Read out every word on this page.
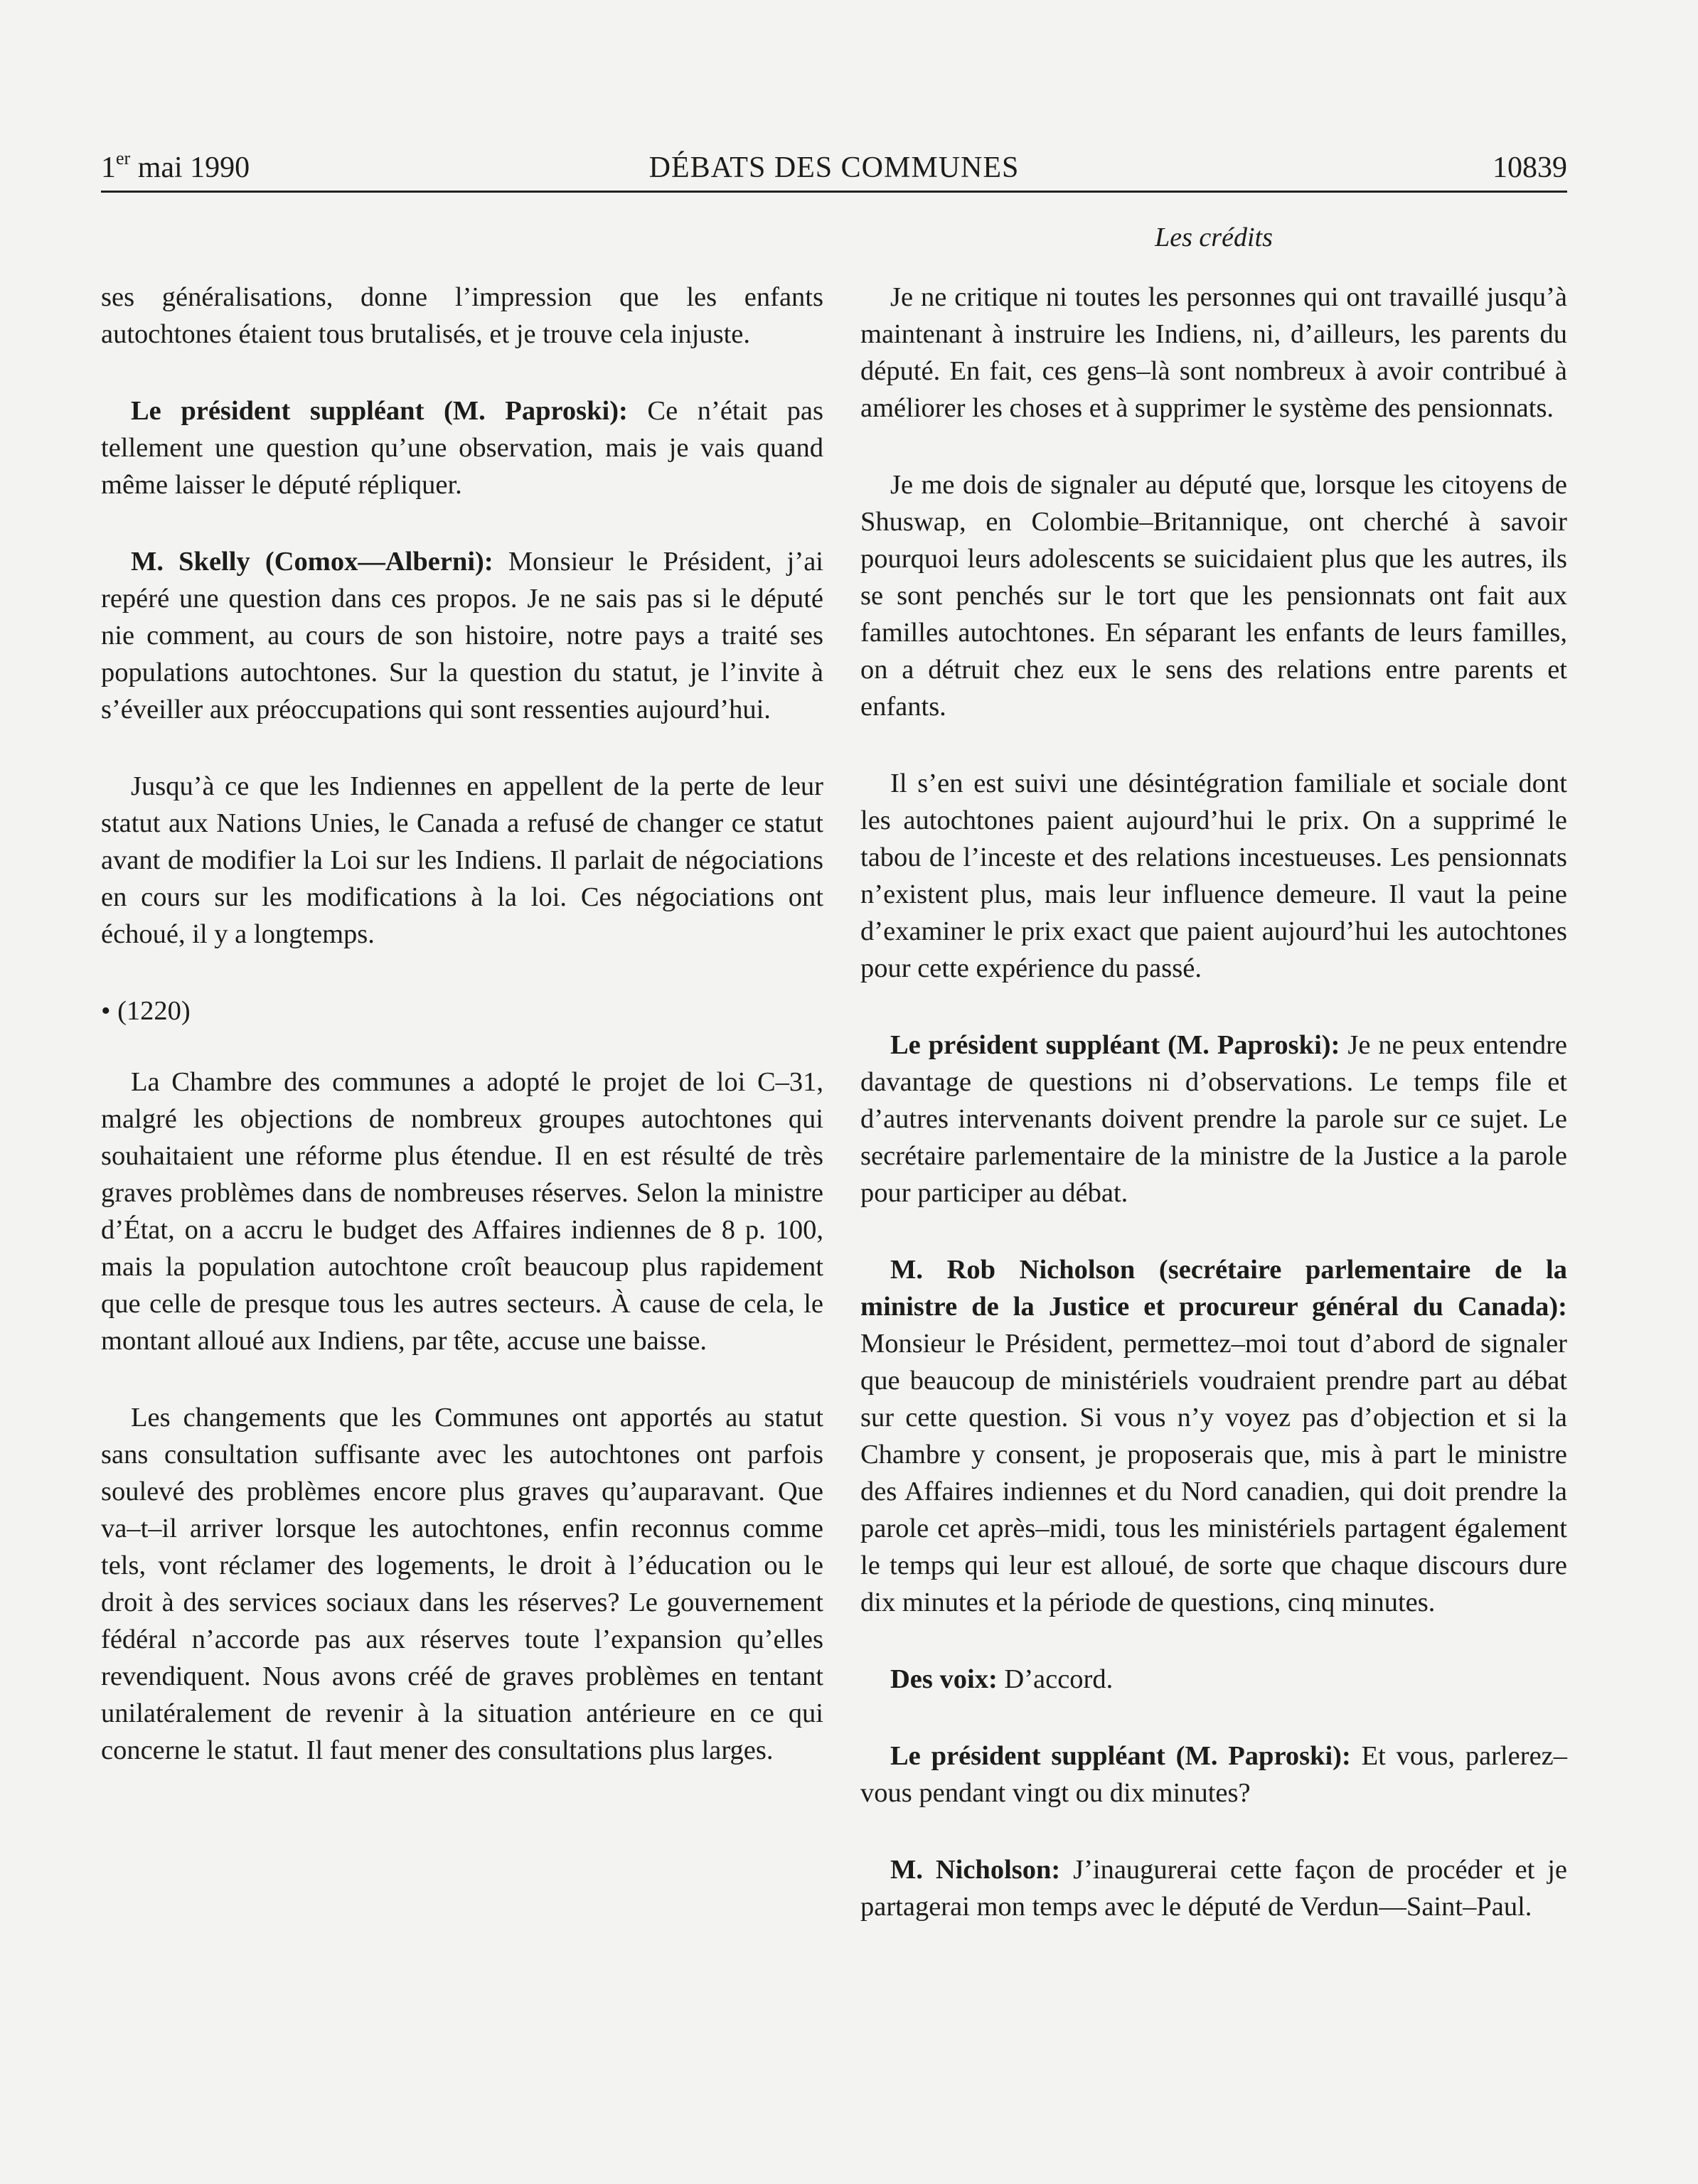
1er mai 1990	DÉBATS DES COMMUNES	10839
Les crédits

ses généralisations, donne l’impression que les enfants autochtones étaient tous brutalisés, et je trouve cela injuste.

Le président suppléant (M. Paproski): Ce n’était pas tellement une question qu’une observation, mais je vais quand même laisser le député répliquer.

M. Skelly (Comox—Alberni): Monsieur le Président, j’ai repéré une question dans ces propos. Je ne sais pas si le député nie comment, au cours de son histoire, notre pays a traité ses populations autochtones. Sur la question du statut, je l’invite à s’éveiller aux préoccupations qui sont ressenties aujourd’hui.

Jusqu’à ce que les Indiennes en appellent de la perte de leur statut aux Nations Unies, le Canada a refusé de changer ce statut avant de modifier la Loi sur les Indiens. Il parlait de négociations en cours sur les modifications à la loi. Ces négociations ont échoué, il y a longtemps.

• (1220)

La Chambre des communes a adopté le projet de loi C–31, malgré les objections de nombreux groupes autochtones qui souhaitaient une réforme plus étendue. Il en est résulté de très graves problèmes dans de nombreuses réserves. Selon la ministre d’État, on a accru le budget des Affaires indiennes de 8 p. 100, mais la population autochtone croît beaucoup plus rapidement que celle de presque tous les autres secteurs. À cause de cela, le montant alloué aux Indiens, par tête, accuse une baisse.

Les changements que les Communes ont apportés au statut sans consultation suffisante avec les autochtones ont parfois soulevé des problèmes encore plus graves qu’auparavant. Que va–t–il arriver lorsque les autochtones, enfin reconnus comme tels, vont réclamer des logements, le droit à l’éducation ou le droit à des services sociaux dans les réserves? Le gouvernement fédéral n’accorde pas aux réserves toute l’expansion qu’elles revendiquent. Nous avons créé de graves problèmes en tentant unilatéralement de revenir à la situation antérieure en ce qui concerne le statut. Il faut mener des consultations plus larges.

Je ne critique ni toutes les personnes qui ont travaillé jusqu’à maintenant à instruire les Indiens, ni, d’ailleurs, les parents du député. En fait, ces gens–là sont nombreux à avoir contribué à améliorer les choses et à supprimer le système des pensionnats.

Je me dois de signaler au député que, lorsque les citoyens de Shuswap, en Colombie–Britannique, ont cherché à savoir pourquoi leurs adolescents se suicidaient plus que les autres, ils se sont penchés sur le tort que les pensionnats ont fait aux familles autochtones. En séparant les enfants de leurs familles, on a détruit chez eux le sens des relations entre parents et enfants.

Il s’en est suivi une désintégration familiale et sociale dont les autochtones paient aujourd’hui le prix. On a supprimé le tabou de l’inceste et des relations incestueuses. Les pensionnats n’existent plus, mais leur influence demeure. Il vaut la peine d’examiner le prix exact que paient aujourd’hui les autochtones pour cette expérience du passé.

Le président suppléant (M. Paproski): Je ne peux entendre davantage de questions ni d’observations. Le temps file et d’autres intervenants doivent prendre la parole sur ce sujet. Le secrétaire parlementaire de la ministre de la Justice a la parole pour participer au débat.

M. Rob Nicholson (secrétaire parlementaire de la ministre de la Justice et procureur général du Canada): Monsieur le Président, permettez–moi tout d’abord de signaler que beaucoup de ministériels voudraient prendre part au débat sur cette question. Si vous n’y voyez pas d’objection et si la Chambre y consent, je proposerais que, mis à part le ministre des Affaires indiennes et du Nord canadien, qui doit prendre la parole cet après–midi, tous les ministériels partagent également le temps qui leur est alloué, de sorte que chaque discours dure dix minutes et la période de questions, cinq minutes.

Des voix: D’accord.

Le président suppléant (M. Paproski): Et vous, parlerez–vous pendant vingt ou dix minutes?

M. Nicholson: J’inaugurerai cette façon de procéder et je partagerai mon temps avec le député de Verdun—Saint–Paul.
